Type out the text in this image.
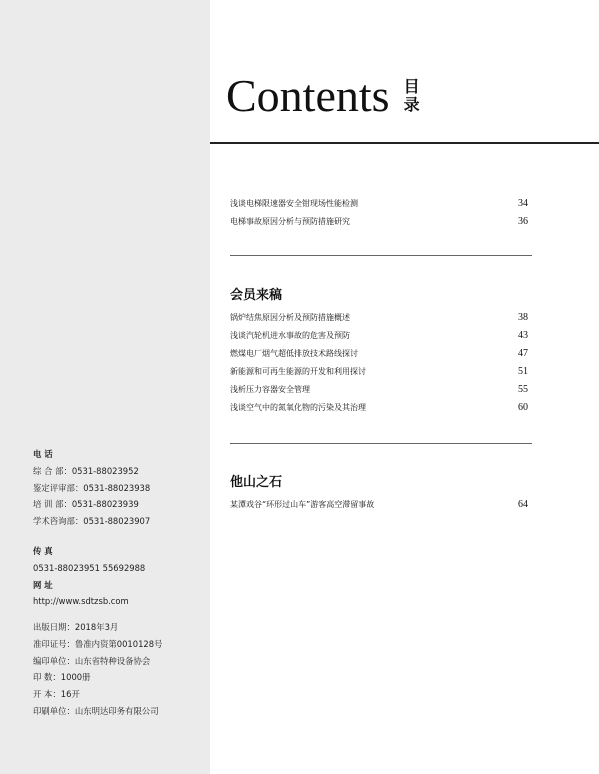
Contents 目录
浅谈电梯限速器安全钳现场性能检测	34
电梯事故原因分析与预防措施研究	36
会员来稿
锅炉结焦原因分析及预防措施概述	38
浅谈汽轮机进水事故的危害及预防	43
燃煤电厂烟气超低排放技术路线探讨	47
新能源和可再生能源的开发和利用探讨	51
浅析压力容器安全管理	55
浅谈空气中的氮氧化物的污染及其治理	60
他山之石
某潭戏谷“环形过山车”游客高空滞留事故	64
电 话
综 合 部：0531-88023952
鉴定评审部：0531-88023938
培 训 部：0531-88023939
学术咨询部：0531-88023907
传 真
0531-88023951 55692988
网 址
http://www.sdtzsb.com
出版日期：2018年3月
准印证号：鲁准内资第0010128号
编印单位：山东省特种设备协会
印 数：1000册
开 本：16开
印刷单位：山东明达印务有限公司
